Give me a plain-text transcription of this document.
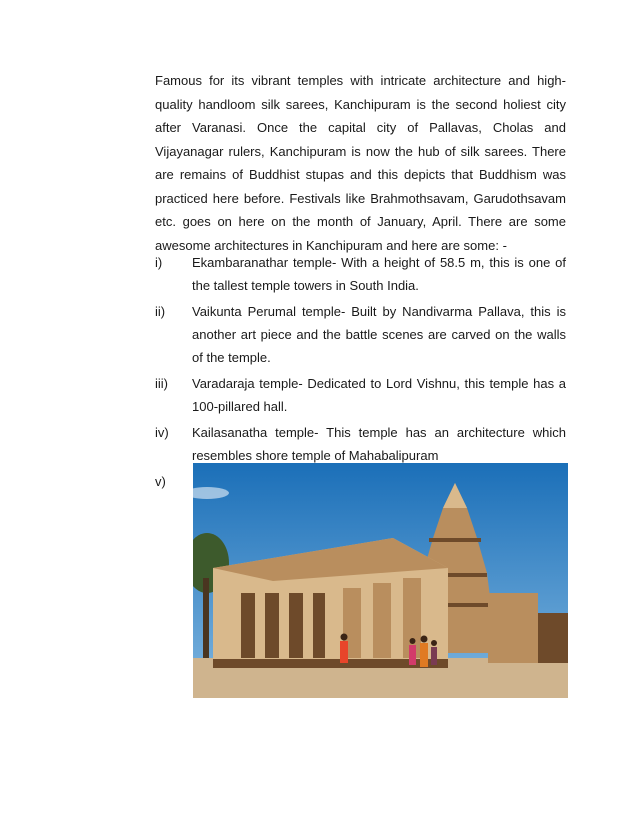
Famous for its vibrant temples with intricate architecture and high-quality handloom silk sarees, Kanchipuram is the second holiest city after Varanasi. Once the capital city of Pallavas, Cholas and Vijayanagar rulers, Kanchipuram is now the hub of silk sarees. There are remains of Buddhist stupas and this depicts that Buddhism was practiced here before. Festivals like Brahmothsavam, Garudothsavam etc. goes on here on the month of January, April. There are some awesome architectures in Kanchipuram and here are some: -

i)	Ekambaranathar temple- With a height of 58.5 m, this is one of the tallest temple towers in South India.
ii)	Vaikunta Perumal temple- Built by Nandivarma Pallava, this is another art piece and the battle scenes are carved on the walls of the temple.
iii)	Varadaraja temple- Dedicated to Lord Vishnu, this temple has a 100-pillared hall.
iv)	Kailasanatha temple- This temple has an architecture which resembles shore temple of Mahabalipuram
v)
